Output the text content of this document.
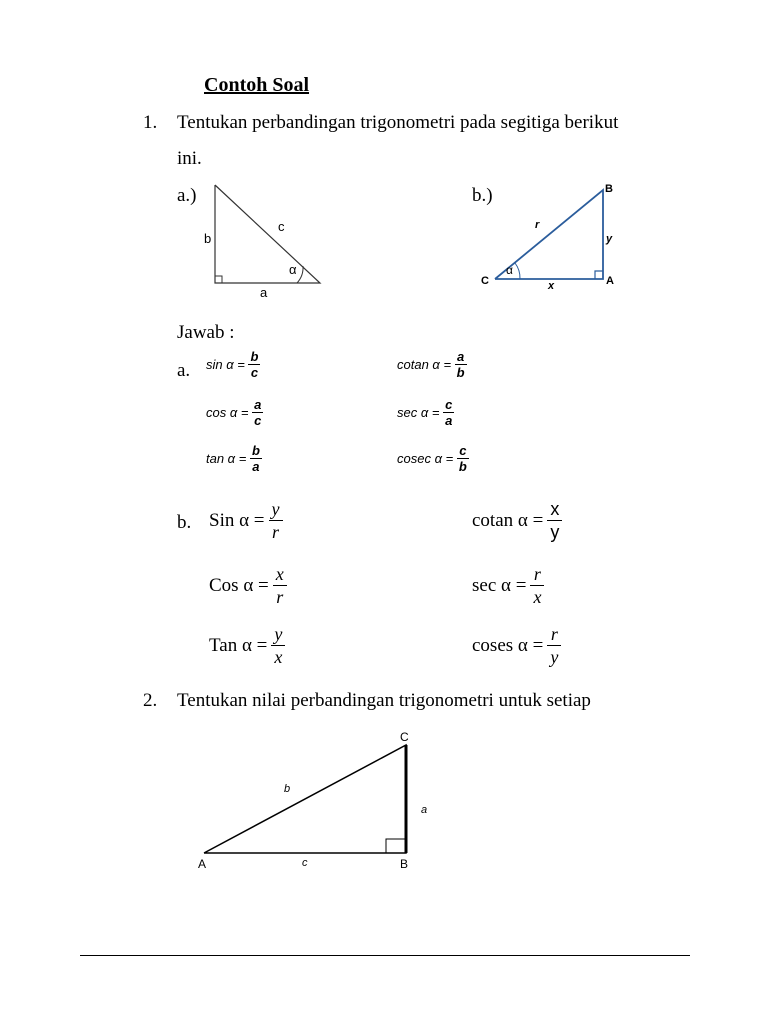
Contoh Soal
1. Tentukan perbandingan trigonometri pada segitiga berikut
ini.
a.)	b.)
b
c
a
α
B
C	A
r
y
x
α
Jawab :
a. $\sin \alpha = \frac{b}{c}$	cotan $\alpha = \frac{a}{b}$
$\cos \alpha = \frac{a}{c}$	$\sec \alpha = \frac{c}{a}$
$\tan \alpha = \frac{b}{a}$	cosec $\alpha = \frac{c}{b}$
b. Sin $\alpha = \frac{y}{r}$	cotan $\alpha = \frac{x}{y}$
Cos $\alpha = \frac{x}{r}$	$\sec \alpha = \frac{r}{x}$
Tan $\alpha = \frac{y}{x}$	coses $\alpha = \frac{r}{y}$
2. Tentukan nilai perbandingan trigonometri untuk setiap
C
A	B
a
b
c
